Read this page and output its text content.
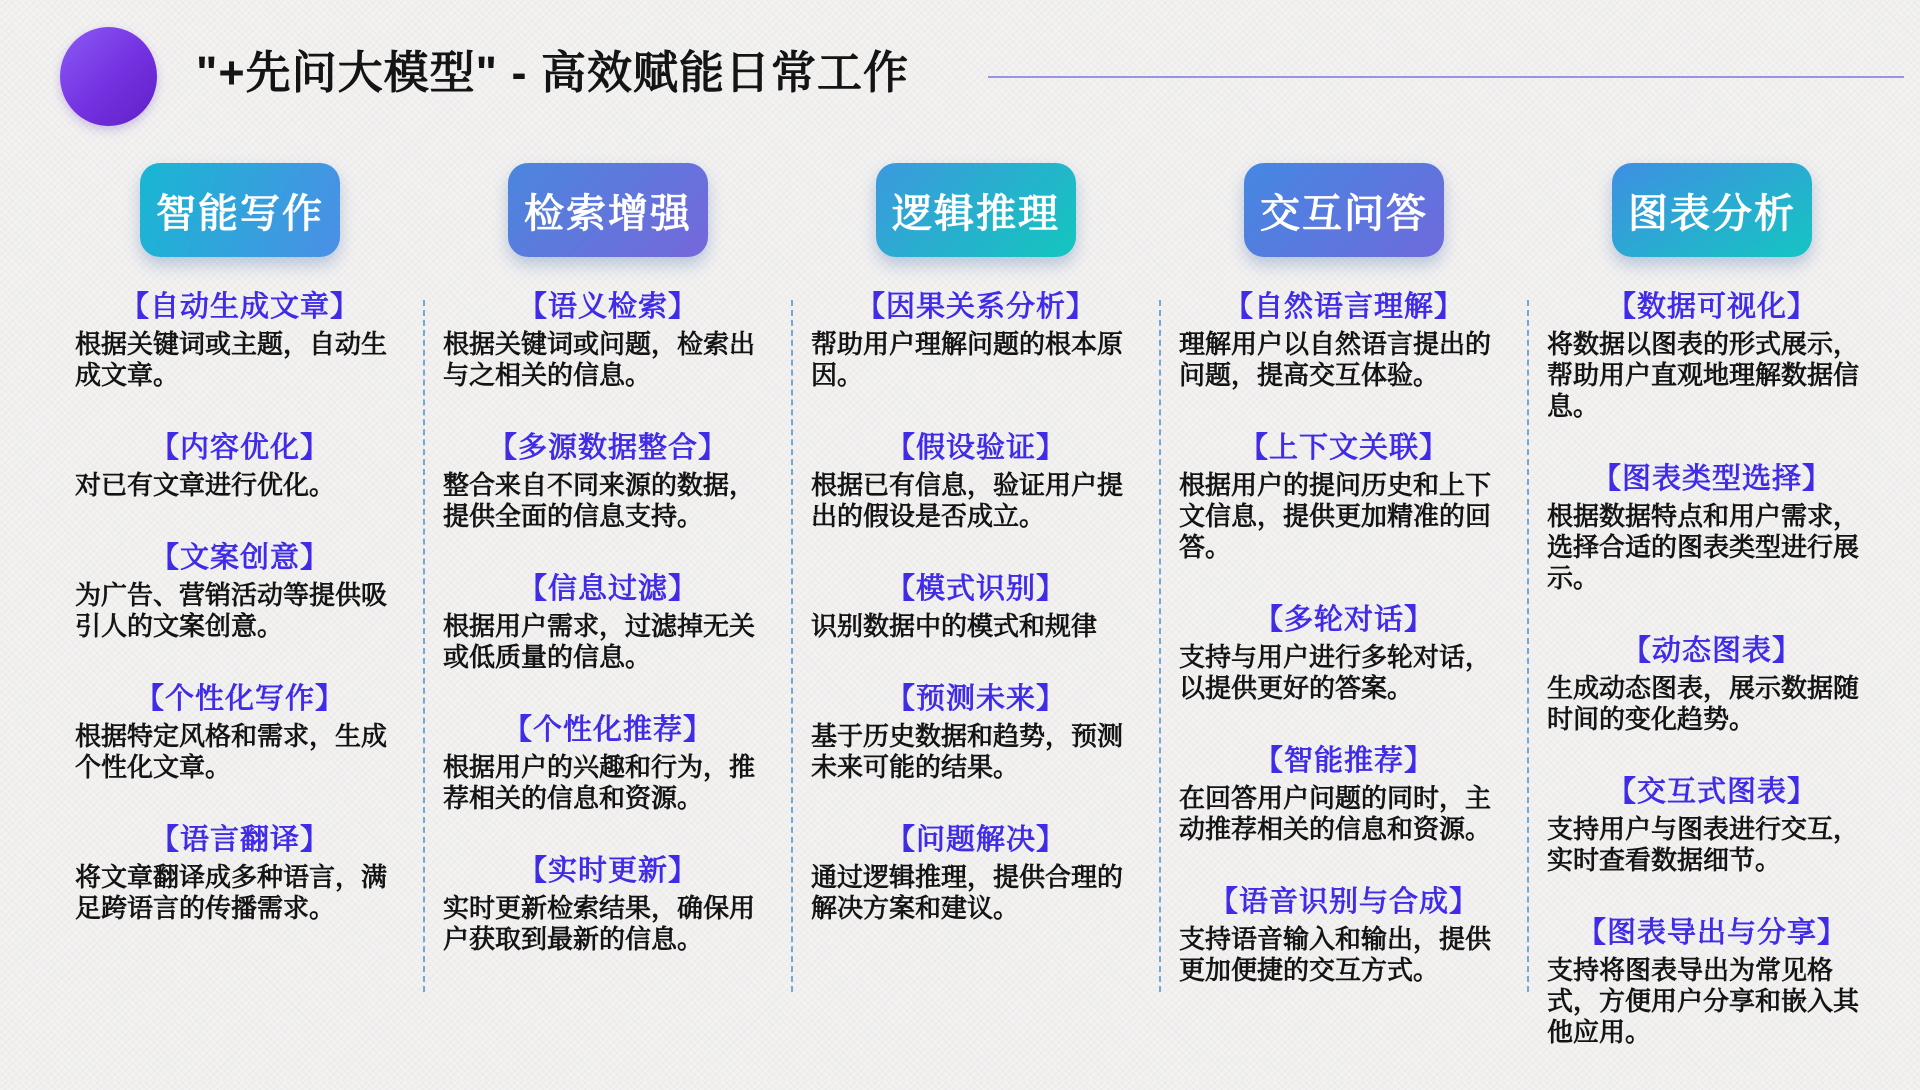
"+先问大模型" - 高效赋能日常工作
智能写作

【自动生成文章】

根据关键词或主题，自动生成文章。

【内容优化】

对已有文章进行优化。

【文案创意】

为广告、营销活动等提供吸引人的文案创意。

【个性化写作】

根据特定风格和需求，生成个性化文章。

【语言翻译】

将文章翻译成多种语言，满足跨语言的传播需求。

检索增强

【语义检索】

根据关键词或问题，检索出与之相关的信息。

【多源数据整合】

整合来自不同来源的数据，提供全面的信息支持。

【信息过滤】

根据用户需求，过滤掉无关或低质量的信息。

【个性化推荐】

根据用户的兴趣和行为，推荐相关的信息和资源。

【实时更新】

实时更新检索结果，确保用户获取到最新的信息。

逻辑推理

【因果关系分析】

帮助用户理解问题的根本原因。

【假设验证】

根据已有信息，验证用户提出的假设是否成立。

【模式识别】

识别数据中的模式和规律

【预测未来】

基于历史数据和趋势，预测未来可能的结果。

【问题解决】

通过逻辑推理，提供合理的解决方案和建议。

交互问答

【自然语言理解】

理解用户以自然语言提出的问题，提高交互体验。

【上下文关联】

根据用户的提问历史和上下文信息，提供更加精准的回答。

【多轮对话】

支持与用户进行多轮对话，以提供更好的答案。

【智能推荐】

在回答用户问题的同时，主动推荐相关的信息和资源。

【语音识别与合成】

支持语音输入和输出，提供更加便捷的交互方式。

图表分析

【数据可视化】

将数据以图表的形式展示，帮助用户直观地理解数据信息。

【图表类型选择】

根据数据特点和用户需求，选择合适的图表类型进行展示。

【动态图表】

生成动态图表，展示数据随时间的变化趋势。

【交互式图表】

支持用户与图表进行交互，实时查看数据细节。

【图表导出与分享】

支持将图表导出为常见格式，方便用户分享和嵌入其他应用。
